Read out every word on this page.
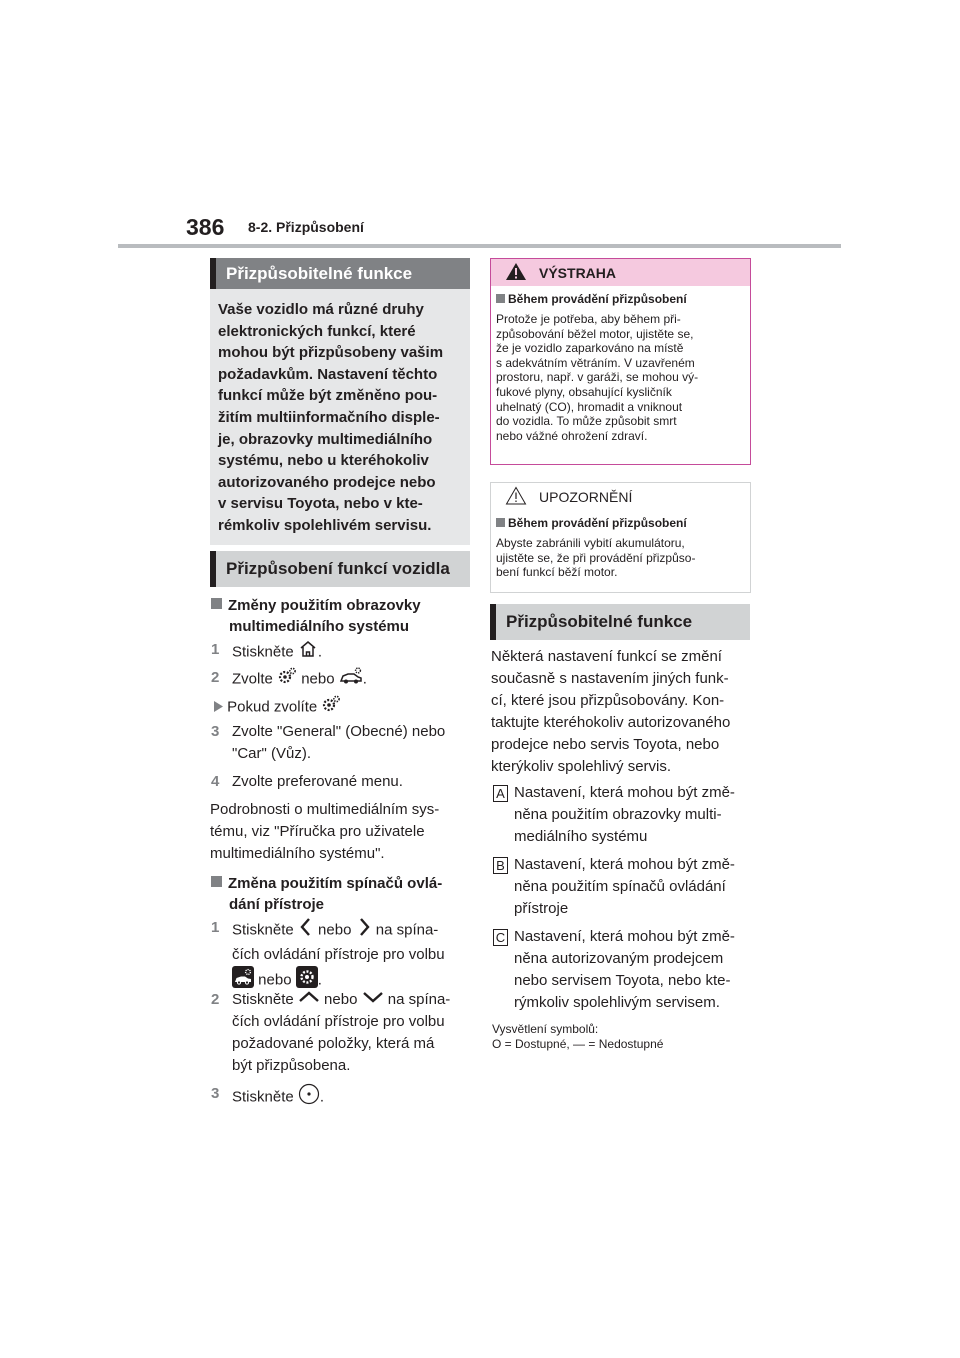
386 8-2. Přizpůsobení
Přizpůsobitelné funkce
Vaše vozidlo má různé druhy
elektronických funkcí, které
mohou být přizpůsobeny vašim
požadavkům. Nastavení těchto
funkcí může být změněno pou-
žitím multiinformačního disple-
je, obrazovky multimediálního
systému, nebo u kteréhokoliv
autorizovaného prodejce nebo
v servisu Toyota, nebo v kte-
rémkoliv spolehlivém servisu.
Přizpůsobení funkcí vozidla
Změny použitím obrazovky
multimediálního systému
1 Stiskněte .
2 Zvolte nebo .
Pokud zvolíte
3 Zvolte "General" (Obecné) nebo
"Car" (Vůz).
4 Zvolte preferované menu.
Podrobnosti o multimediálním sys-
tému, viz "Příručka pro uživatele
multimediálního systému".
Změna použitím spínačů ovlá-
dání přístroje
1 Stiskněte nebo na spína-
čích ovládání přístroje pro volbu
nebo .
2 Stiskněte nebo na spína-
čích ovládání přístroje pro volbu
požadované položky, která má
být přizpůsobena.
3 Stiskněte .
VÝSTRAHA
Během provádění přizpůsobení
Protože je potřeba, aby během při-
způsobování běžel motor, ujistěte se,
že je vozidlo zaparkováno na místě
s adekvátním větráním. V uzavřeném
prostoru, např. v garáži, se mohou vý-
fukové plyny, obsahující kysličník
uhelnatý (CO), hromadit a vniknout
do vozidla. To může způsobit smrt
nebo vážné ohrožení zdraví.
UPOZORNĚNÍ
Během provádění přizpůsobení
Abyste zabránili vybití akumulátoru,
ujistěte se, že při provádění přizpůso-
bení funkcí běží motor.
Přizpůsobitelné funkce
Některá nastavení funkcí se změní
současně s nastavením jiných funk-
cí, které jsou přizpůsobovány. Kon-
taktujte kteréhokoliv autorizovaného
prodejce nebo servis Toyota, nebo
kterýkoliv spolehlivý servis.
A Nastavení, která mohou být změ-
něna použitím obrazovky multi-
mediálního systému
B Nastavení, která mohou být změ-
něna použitím spínačů ovládání
přístroje
C Nastavení, která mohou být změ-
něna autorizovaným prodejcem
nebo servisem Toyota, nebo kte-
rýmkoliv spolehlivým servisem.
Vysvětlení symbolů:
O = Dostupné, — = Nedostupné
